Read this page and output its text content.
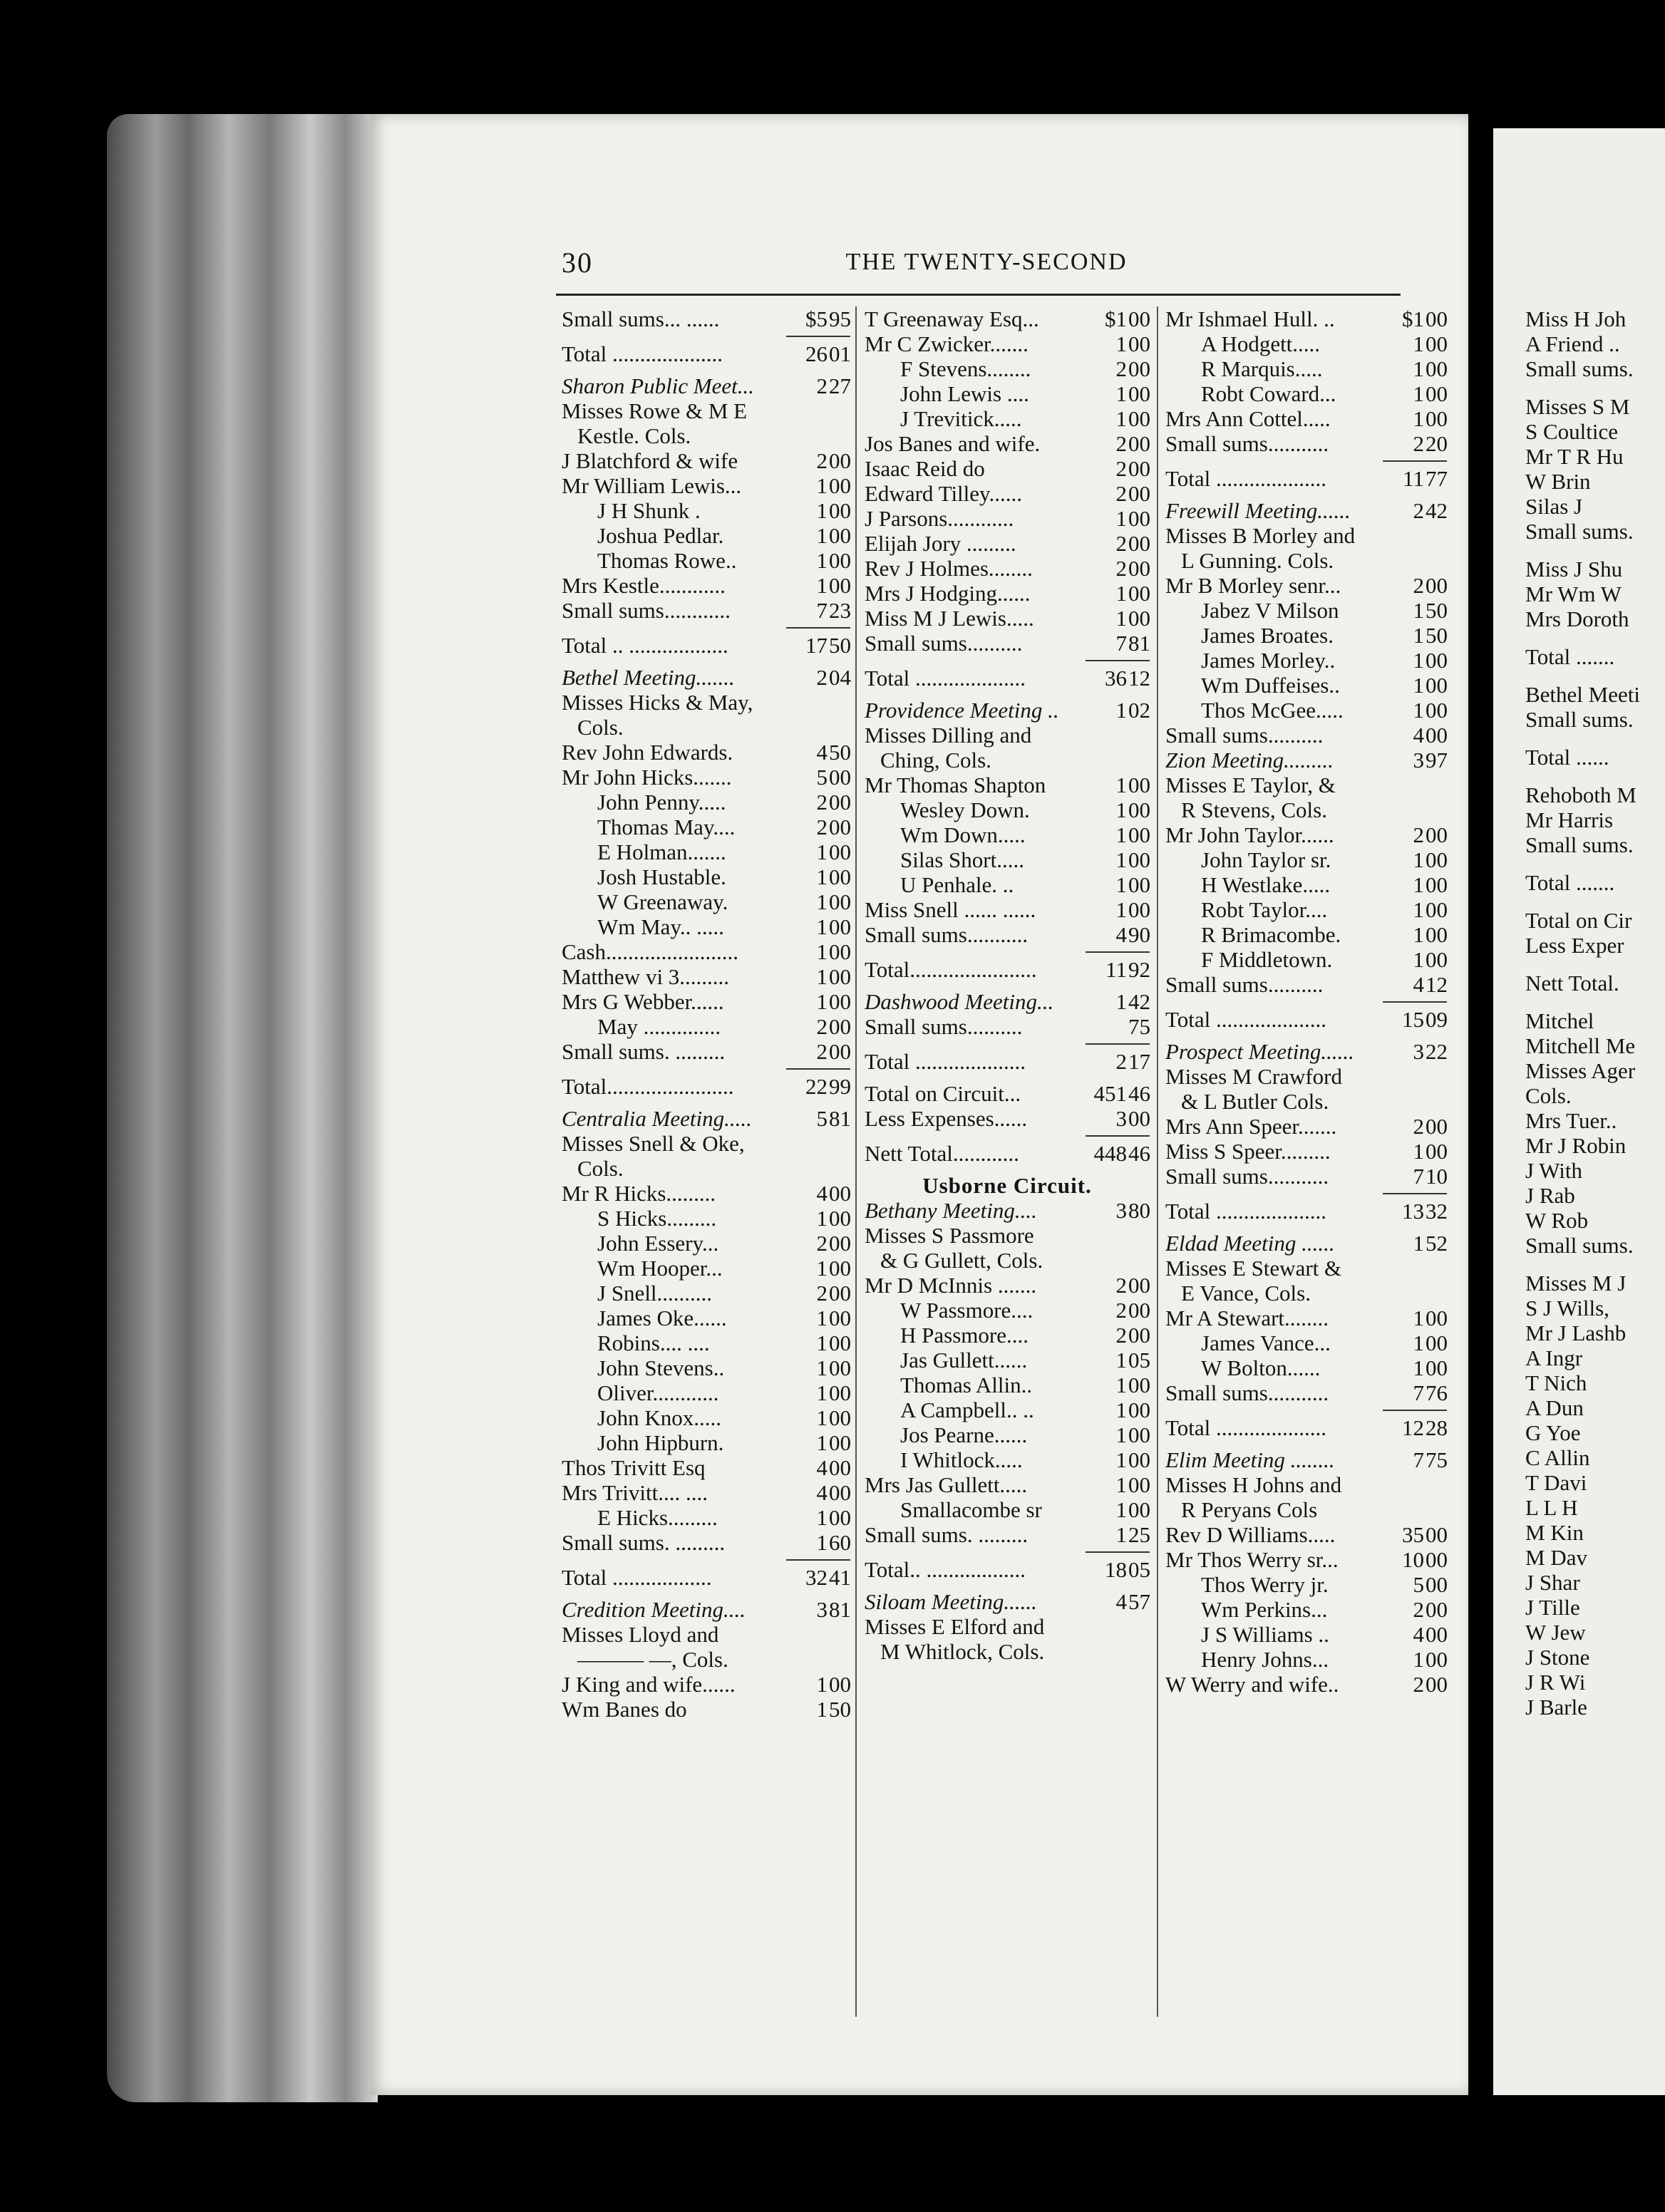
30	THE TWENTY-SECOND
Small sums... ......	$5 95
Total ....................	26 01
Sharon Public Meet...	2 27
Misses Rowe & M E
Kestle. Cols.
J Blatchford & wife	2 00
Mr William Lewis...	1 00
J H Shunk .	1 00
Joshua Pedlar.	1 00
Thomas Rowe..	1 00
Mrs Kestle............	1 00
Small sums............	7 23
Total .. ..................	17 50
Bethel Meeting.......	2 04
Misses Hicks & May,
Cols.
Rev John Edwards.	4 50
Mr John Hicks.......	5 00
John Penny.....	2 00
Thomas May....	2 00
E Holman.......	1 00
Josh Hustable.	1 00
W Greenaway.	1 00
Wm May.. .....	1 00
Cash........................	1 00
Matthew vi 3.........	1 00
Mrs G Webber......	1 00
May ..............	2 00
Small sums. .........	2 00
Total.......................	22 99
Centralia Meeting.....	5 81
Misses Snell & Oke,
Cols.
Mr R Hicks.........	4 00
S Hicks.........	1 00
John Essery...	2 00
Wm Hooper...	1 00
J Snell..........	2 00
James Oke......	1 00
Robins.... ....	1 00
John Stevens..	1 00
Oliver............	1 00
John Knox.....	1 00
John Hipburn.	1 00
Thos Trivitt Esq	4 00
Mrs Trivitt.... ....	4 00
E Hicks.........	1 00
Small sums. .........	1 60
Total ..................	32 41
Credition Meeting....	3 81
Misses Lloyd and
——— —, Cols.
J King and wife......	1 00
Wm Banes do	1 50
T Greenaway Esq...	$1 00
Mr C Zwicker.......	1 00
F Stevens........	2 00
John Lewis ....	1 00
J Trevitick.....	1 00
Jos Banes and wife.	2 00
Isaac Reid do	2 00
Edward Tilley......	2 00
J Parsons............	1 00
Elijah Jory .........	2 00
Rev J Holmes........	2 00
Mrs J Hodging......	1 00
Miss M J Lewis.....	1 00
Small sums..........	7 81
Total ....................	36 12
Providence Meeting ..	1 02
Misses Dilling and
Ching, Cols.
Mr Thomas Shapton	1 00
Wesley Down.	1 00
Wm Down.....	1 00
Silas Short.....	1 00
U Penhale. ..	1 00
Miss Snell ...... ......	1 00
Small sums...........	4 90
Total.......................	11 92
Dashwood Meeting...	1 42
Small sums..........	75
Total ....................	2 17
Total on Circuit...	451 46
Less Expenses......	3 00
Nett Total............	448 46
Usborne Circuit.
Bethany Meeting....	3 80
Misses S Passmore
& G Gullett, Cols.
Mr D McInnis .......	2 00
W Passmore....	2 00
H Passmore....	2 00
Jas Gullett......	1 05
Thomas Allin..	1 00
A Campbell.. ..	1 00
Jos Pearne......	1 00
I Whitlock.....	1 00
Mrs Jas Gullett.....	1 00
Smallacombe sr	1 00
Small sums. .........	1 25
Total.. ..................	18 05
Siloam Meeting......	4 57
Misses E Elford and
M Whitlock, Cols.
Mr Ishmael Hull. ..	$1 00
A Hodgett.....	1 00
R Marquis.....	1 00
Robt Coward...	1 00
Mrs Ann Cottel.....	1 00
Small sums...........	2 20
Total ....................	11 77
Freewill Meeting......	2 42
Misses B Morley and
L Gunning. Cols.
Mr B Morley senr...	2 00
Jabez V Milson	1 50
James Broates.	1 50
James Morley..	1 00
Wm Duffeises..	1 00
Thos McGee.....	1 00
Small sums..........	4 00
Zion Meeting.........	3 97
Misses E Taylor, &
R Stevens, Cols.
Mr John Taylor......	2 00
John Taylor sr.	1 00
H Westlake.....	1 00
Robt Taylor....	1 00
R Brimacombe.	1 00
F Middletown.	1 00
Small sums..........	4 12
Total ....................	15 09
Prospect Meeting......	3 22
Misses M Crawford
& L Butler Cols.
Mrs Ann Speer.......	2 00
Miss S Speer.........	1 00
Small sums...........	7 10
Total ....................	13 32
Eldad Meeting ......	1 52
Misses E Stewart &
E Vance, Cols.
Mr A Stewart........	1 00
James Vance...	1 00
W Bolton......	1 00
Small sums...........	7 76
Total ....................	12 28
Elim Meeting ........	7 75
Misses H Johns and
R Peryans Cols
Rev D Williams.....	35 00
Mr Thos Werry sr...	10 00
Thos Werry jr.	5 00
Wm Perkins...	2 00
J S Williams ..	4 00
Henry Johns...	1 00
W Werry and wife..	2 00
Miss H Joh
A Friend ..
Small sums.
Misses S M
S Coultice
Mr T R Hu
W Brin
Silas J
Small sums.
Miss J Shu
Mr Wm W
Mrs Doroth
Total .......
Bethel Meeti
Small sums.
Total ......
Rehoboth M
Mr Harris
Small sums.
Total .......
Total on Cir
Less Exper
Nett Total.
Mitchel
Mitchell Me
Misses Ager
Cols.
Mrs Tuer..
Mr J Robin
J With
J Rab
W Rob
Small sums.
Misses M J
S J Wills,
Mr J Lashb
A Ingr
T Nich
A Dun
G Yoe
C Allin
T Davi
L L H
M Kin
M Dav
J Shar
J Tille
W Jew
J Stone
J R Wi
J Barle
